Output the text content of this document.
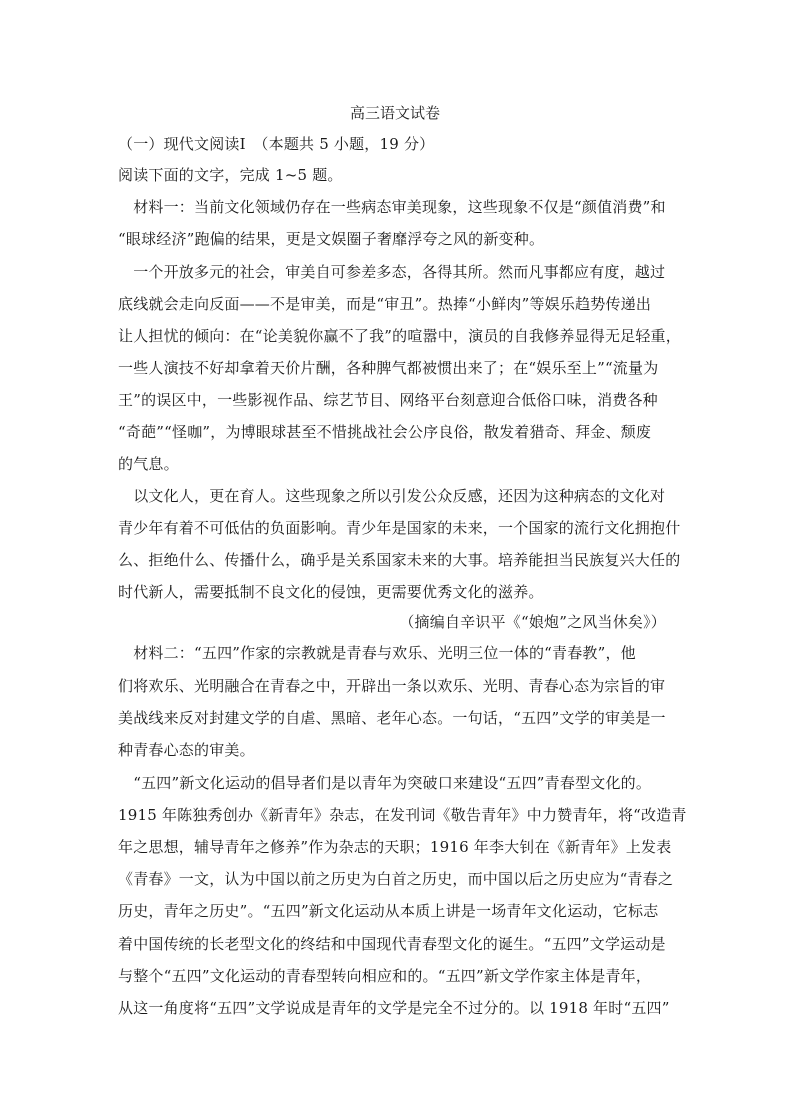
高三语文试卷
（一）现代文阅读Ⅰ　（本题共 5 小题，19 分）
阅读下面的文字，完成 1~5 题。
　材料一：当前文化领域仍存在一些病态审美现象，这些现象不仅是“颜值消费”和
“眼球经济”跑偏的结果，更是文娱圈子奢靡浮夸之风的新变种。
　一个开放多元的社会，审美自可参差多态，各得其所。然而凡事都应有度，越过
底线就会走向反面——不是审美，而是“审丑”。热捧“小鲜肉”等娱乐趋势传递出
让人担忧的倾向：在“论美貌你赢不了我”的喧嚣中，演员的自我修养显得无足轻重，
一些人演技不好却拿着天价片酬，各种脾气都被惯出来了；在“娱乐至上”“流量为
王”的误区中，一些影视作品、综艺节目、网络平台刻意迎合低俗口味，消费各种
“奇葩”“怪咖”，为博眼球甚至不惜挑战社会公序良俗，散发着猎奇、拜金、颓废
的气息。
　以文化人，更在育人。这些现象之所以引发公众反感，还因为这种病态的文化对
青少年有着不可低估的负面影响。青少年是国家的未来，一个国家的流行文化拥抱什
么、拒绝什么、传播什么，确乎是关系国家未来的大事。培养能担当民族复兴大任的
时代新人，需要抵制不良文化的侵蚀，更需要优秀文化的滋养。
（摘编自辛识平《“娘炮”之风当休矣》）
　材料二：“五四”作家的宗教就是青春与欢乐、光明三位一体的“青春教”，他
们将欢乐、光明融合在青春之中，开辟出一条以欢乐、光明、青春心态为宗旨的审
美战线来反对封建文学的自虐、黑暗、老年心态。一句话，“五四”文学的审美是一
种青春心态的审美。
　“五四”新文化运动的倡导者们是以青年为突破口来建设“五四”青春型文化的。
1915 年陈独秀创办《新青年》杂志，在发刊词《敬告青年》中力赞青年，将“改造青
年之思想，辅导青年之修养”作为杂志的天职；1916 年李大钊在《新青年》上发表
《青春》一文，认为中国以前之历史为白首之历史，而中国以后之历史应为“青春之
历史，青年之历史”。“五四”新文化运动从本质上讲是一场青年文化运动，它标志
着中国传统的长老型文化的终结和中国现代青春型文化的诞生。“五四”文学运动是
与整个“五四”文化运动的青春型转向相应和的。“五四”新文学作家主体是青年，
从这一角度将“五四”文学说成是青年的文学是完全不过分的。以 1918 年时“五四”
